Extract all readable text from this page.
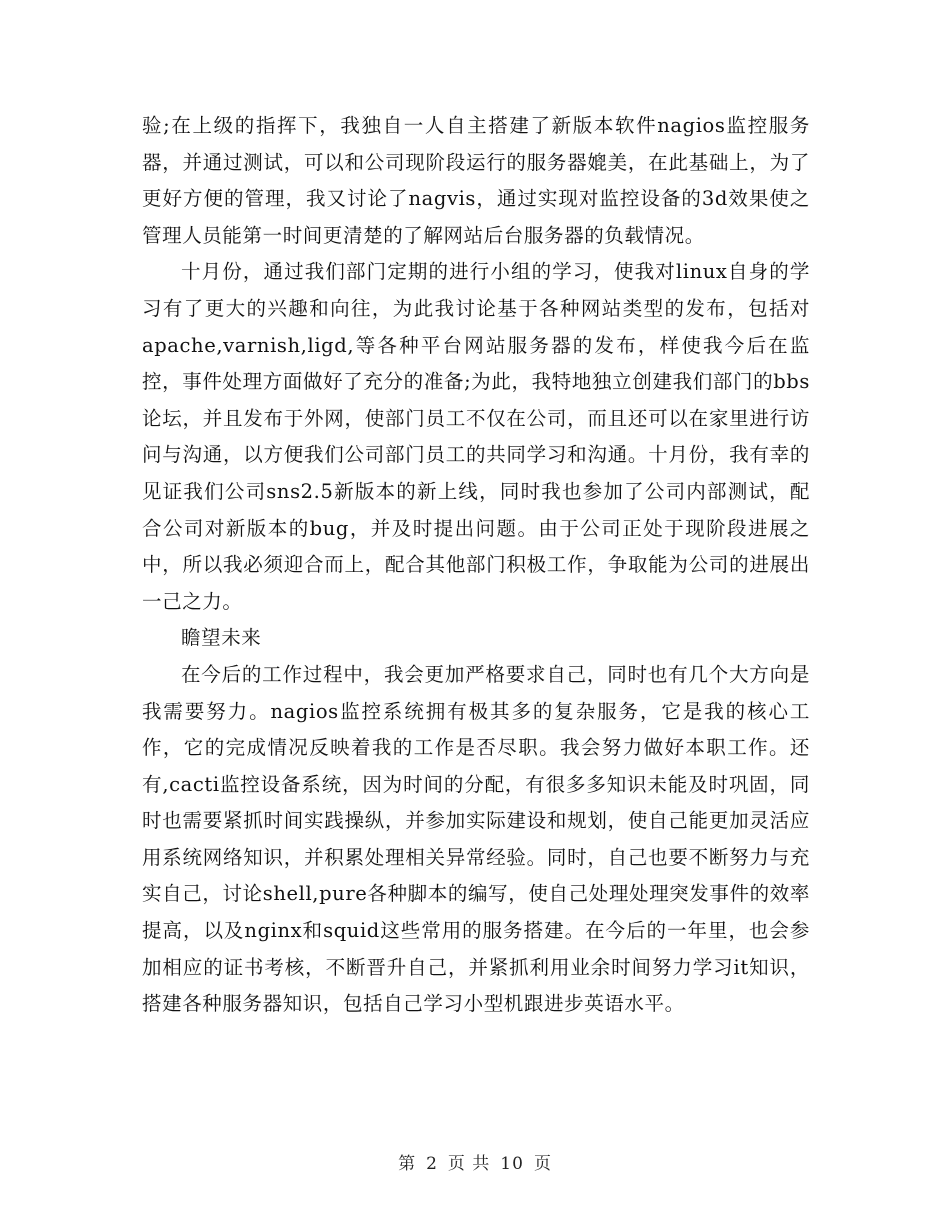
验;在上级的指挥下，我独自一人自主搭建了新版本软件nagios监控服务器，并通过测试，可以和公司现阶段运行的服务器媲美，在此基础上，为了更好方便的管理，我又讨论了nagvis，通过实现对监控设备的3d效果使之管理人员能第一时间更清楚的了解网站后台服务器的负载情况。

十月份，通过我们部门定期的进行小组的学习，使我对linux自身的学习有了更大的兴趣和向往，为此我讨论基于各种网站类型的发布，包括对apache,varnish,ligd,等各种平台网站服务器的发布，样使我今后在监控，事件处理方面做好了充分的准备;为此，我特地独立创建我们部门的bbs论坛，并且发布于外网，使部门员工不仅在公司，而且还可以在家里进行访问与沟通，以方便我们公司部门员工的共同学习和沟通。十月份，我有幸的见证我们公司sns2.5新版本的新上线，同时我也参加了公司内部测试，配合公司对新版本的bug，并及时提出问题。由于公司正处于现阶段进展之中，所以我必须迎合而上，配合其他部门积极工作，争取能为公司的进展出一己之力。

瞻望未来

在今后的工作过程中，我会更加严格要求自己，同时也有几个大方向是我需要努力。nagios监控系统拥有极其多的复杂服务，它是我的核心工作，它的完成情况反映着我的工作是否尽职。我会努力做好本职工作。还有,cacti监控设备系统，因为时间的分配，有很多多知识未能及时巩固，同时也需要紧抓时间实践操纵，并参加实际建设和规划，使自己能更加灵活应用系统网络知识，并积累处理相关异常经验。同时，自己也要不断努力与充实自己，讨论shell,pure各种脚本的编写，使自己处理处理突发事件的效率提高，以及nginx和squid这些常用的服务搭建。在今后的一年里，也会参加相应的证书考核，不断晋升自己，并紧抓利用业余时间努力学习it知识，搭建各种服务器知识，包括自己学习小型机跟进步英语水平。

第 2 页 共 10 页
